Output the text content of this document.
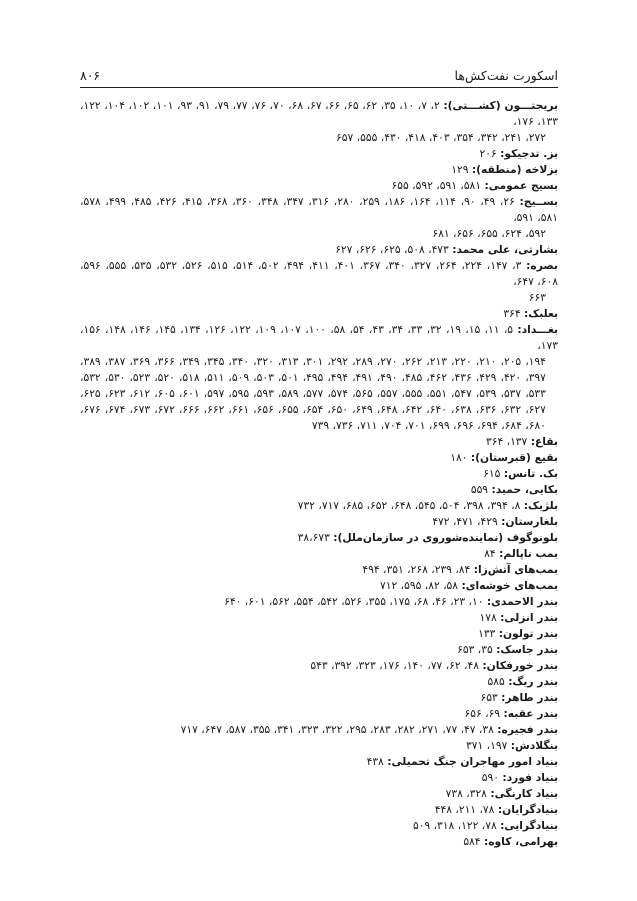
اسکورت نفت‌کش‌ها
۸۰۶

بریجتـــون (کشـــتی): ۲، ۷، ۱۰، ۳۵، ۶۲، ۶۵، ۶۶، ۶۷، ۶۸، ۷۰، ۷۶، ۷۷، ۷۹، ۹۱، ۹۳، ۱۰۱، ۱۰۲، ۱۰۴، ۱۲۲، ۱۳۳، ۱۷۶،
۲۷۲، ۲۴۱، ۳۴۲، ۳۵۴، ۴۰۳، ۴۱۸، ۴۳۰، ۵۵۵، ۶۵۷

بز. تدجیکو: ۲۰۶

بزلاخه (منطقه): ۱۲۹

بسیج عمومی: ۵۸۱، ۵۹۱، ۵۹۲، ۶۵۵

بســیج: ۲۶، ۴۹، ۹۰، ۱۱۴، ۱۶۴، ۱۸۶، ۲۵۹، ۲۸۰، ۳۱۶، ۳۴۷، ۳۴۸، ۳۶۰، ۳۶۸، ۴۱۵، ۴۲۶، ۴۸۵، ۴۹۹، ۵۷۸، ۵۸۱، ۵۹۱،
۵۹۲، ۶۲۴، ۶۵۵، ۶۵۶، ۶۸۱

بشارتی، علی محمد: ۴۷۳، ۵۰۸، ۶۲۵، ۶۲۶، ۶۲۷

بصره: ۳، ۱۴۷، ۲۲۴، ۲۶۴، ۳۲۷، ۳۴۰، ۳۶۷، ۴۰۱، ۴۱۱، ۴۹۴، ۵۰۲، ۵۱۴، ۵۱۵، ۵۲۶، ۵۳۲، ۵۳۵، ۵۵۵، ۵۹۶، ۶۰۸، ۶۴۷،
۶۶۳

بعلبک: ۳۶۴

بغـــداد: ۵، ۱۱، ۱۵، ۱۹، ۳۲، ۳۳، ۳۴، ۴۳، ۵۴، ۵۸، ۱۰۰، ۱۰۷، ۱۰۹، ۱۲۲، ۱۲۶، ۱۳۴، ۱۴۵، ۱۴۶، ۱۴۸، ۱۵۶، ۱۷۳،
۱۹۴، ۲۰۵، ۲۱۰، ۲۲۰، ۲۱۳، ۲۶۲، ۲۷۰، ۲۸۹، ۲۹۲، ۳۰۱، ۳۱۳، ۳۲۰، ۳۴۰، ۳۴۵، ۳۴۹، ۳۶۶، ۳۶۹، ۳۸۷، ۳۸۹، ۳۹۷، ۴۲۰، ۴۲۹، ۴۳۶، ۴۶۲، ۴۸۵، ۴۹۰، ۴۹۱، ۴۹۴، ۴۹۵، ۵۰۱، ۵۰۳، ۵۰۹، ۵۱۱، ۵۱۸، ۵۲۰، ۵۲۳، ۵۳۰، ۵۳۲، ۵۳۳، ۵۳۷، ۵۳۹، ۵۴۷، ۵۵۱، ۵۵۵، ۵۵۷، ۵۶۵، ۵۷۴، ۵۷۷، ۵۸۹، ۵۹۳، ۵۹۵، ۵۹۷، ۶۰۱، ۶۰۵، ۶۱۲، ۶۲۳، ۶۲۵، ۶۲۷، ۶۳۲، ۶۳۶، ۶۳۸، ۶۴۰، ۶۴۲، ۶۴۸، ۶۴۹، ۶۵۰، ۶۵۴، ۶۵۵، ۶۵۶، ۶۶۱، ۶۶۲، ۶۶۶، ۶۷۲، ۶۷۳، ۶۷۴، ۶۷۶، ۶۸۰، ۶۸۴، ۶۹۴، ۶۹۶، ۶۹۹، ۷۰۱، ۷۰۴، ۷۱۱، ۷۳۶، ۷۳۹

بقاع: ۱۳۷، ۳۶۴

بقیع (قبرستان): ۱۸۰

بک. تانس: ۶۱۵

بکایی، حمید: ۵۵۹

بلژیک: ۸، ۳۹۴، ۳۹۸، ۵۰۴، ۵۴۵، ۶۴۸، ۶۵۲، ۶۸۵، ۷۱۷، ۷۳۲

بلغارستان: ۴۲۹، ۴۷۱، ۴۷۲

بلونوگوف (نماینده‌شوروی در سازمان‌ملل): ۳۸،۶۷۳

بمب ناپالم: ۸۴

بمب‌های آتش‌زا: ۸۴، ۲۳۹، ۲۶۸، ۳۵۱، ۴۹۴

بمب‌های خوشه‌ای: ۵۸، ۸۲، ۵۹۵، ۷۱۲

بندر الاحمدی: ۱۰، ۲۳، ۴۶، ۶۸، ۱۷۵، ۳۵۵، ۵۲۶، ۵۴۲، ۵۵۴، ۵۶۲، ۶۰۱، ۶۴۰

بندر انزلی: ۱۷۸

بندر تولون: ۱۳۳

بندر جاسک: ۳۵، ۶۵۳

بندر خورفکان: ۴۸، ۶۲، ۷۷، ۱۴۰، ۱۷۶، ۳۲۳، ۳۹۲، ۵۴۳

بندر ریگ: ۵۸۵

بندر طاهر: ۶۵۳

بندر عقبه: ۶۹، ۶۵۶

بندر فجیره: ۳۸، ۴۷، ۷۷، ۲۷۱، ۲۸۲، ۲۸۳، ۲۹۵، ۳۲۲، ۳۲۳، ۳۴۱، ۳۵۵، ۵۸۷، ۶۴۷، ۷۱۷

بنگلادش: ۱۹۷، ۳۷۱

بنیاد امور مهاجران جنگ تحمیلی: ۴۳۸

بنیاد فورد: ۵۹۰

بنیاد کارنگی: ۳۲۸، ۷۳۸

بنیادگرایان: ۷۸، ۲۱۱، ۴۴۸

بنیادگرایی: ۷۸، ۱۲۲، ۳۱۸، ۵۰۹

بهرامی، کاوه: ۵۸۴
